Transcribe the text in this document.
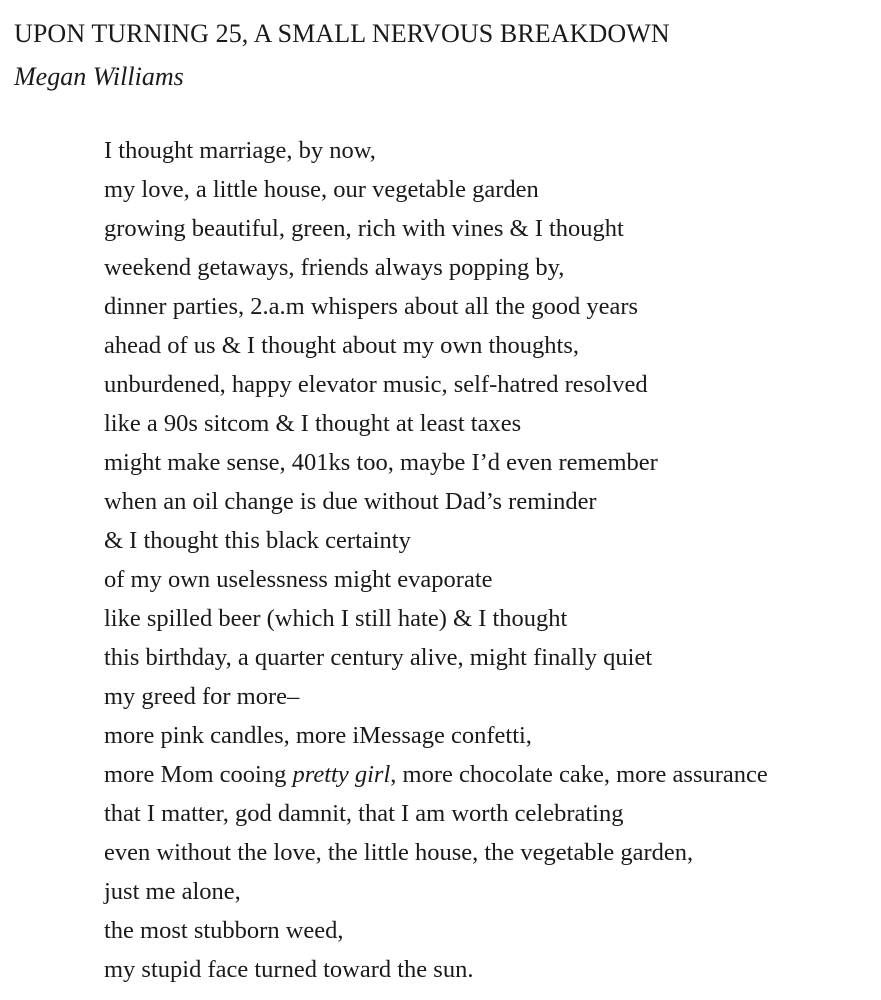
UPON TURNING 25, A SMALL NERVOUS BREAKDOWN
Megan Williams
I thought marriage, by now,
my love, a little house, our vegetable garden
growing beautiful, green, rich with vines & I thought
weekend getaways, friends always popping by,
dinner parties, 2.a.m whispers about all the good years
ahead of us & I thought about my own thoughts,
unburdened, happy elevator music, self-hatred resolved
like a 90s sitcom & I thought at least taxes
might make sense, 401ks too, maybe I’d even remember
when an oil change is due without Dad’s reminder
& I thought this black certainty
of my own uselessness might evaporate
like spilled beer (which I still hate) & I thought
this birthday, a quarter century alive, might finally quiet
my greed for more–
more pink candles, more iMessage confetti,
more Mom cooing pretty girl, more chocolate cake, more assurance
that I matter, god damnit, that I am worth celebrating
even without the love, the little house, the vegetable garden,
just me alone,
the most stubborn weed,
my stupid face turned toward the sun.
